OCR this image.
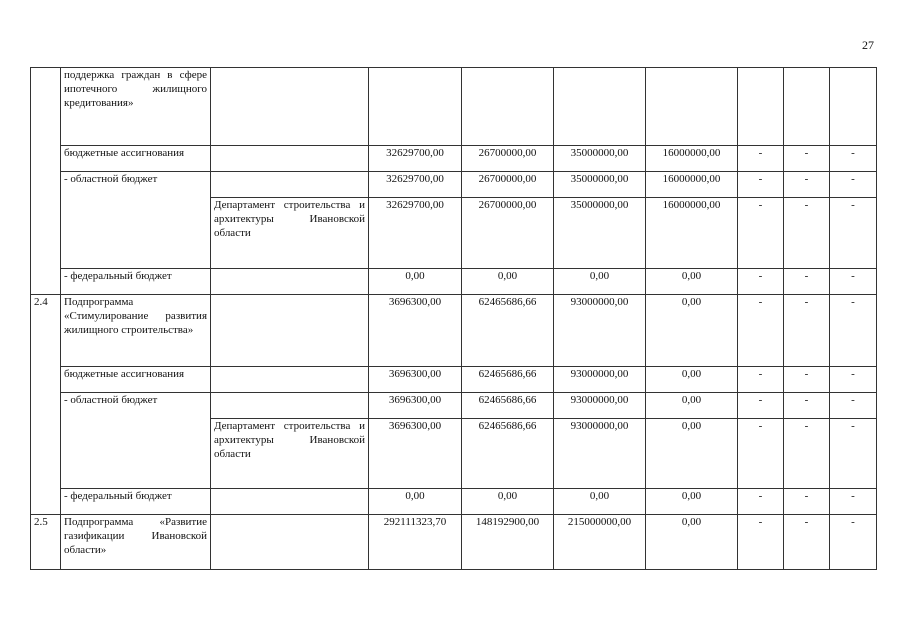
27

	поддержка граждан в сфере ипотечного жилищного кредитования»								

	бюджетные ассигнования		32629700,00	26700000,00	35000000,00	16000000,00	-	-	-
	- областной бюджет		32629700,00	26700000,00	35000000,00	16000000,00	-	-	-

		Департамент строительства и архитектуры Ивановской области	32629700,00	26700000,00	35000000,00	16000000,00	-	-	-
	- федеральный бюджет		0,00	0,00	0,00	0,00	-	-	-
2.4	Подпрограмма «Стимулирование развития жилищного строительства»		3696300,00	62465686,66	93000000,00	0,00	-	-	-
	бюджетные ассигнования		3696300,00	62465686,66	93000000,00	0,00	-	-	-
	- областной бюджет		3696300,00	62465686,66	93000000,00	0,00	-	-	-

		Департамент строительства и архитектуры Ивановской области	3696300,00	62465686,66	93000000,00	0,00	-	-	-
	- федеральный бюджет		0,00	0,00	0,00	0,00	-	-	-
2.5	Подпрограмма «Развитие газификации Ивановской области»		292111323,70	148192900,00	215000000,00	0,00	-	-	-
